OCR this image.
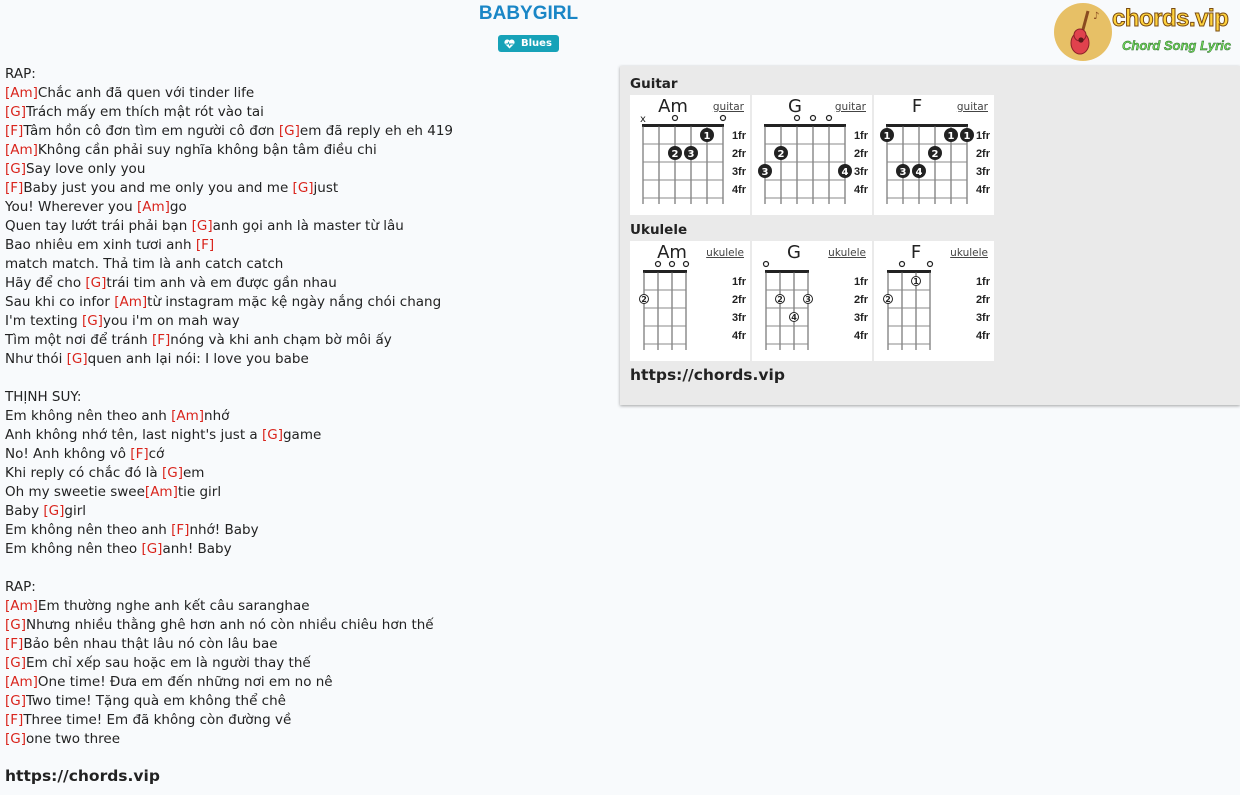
BABYGIRL
Blues
♪ chords.vip
Chord Song Lyric
RAP:
[Am]Chắc anh đã quen với tinder life
[G]Trách mấy em thích mật rót vào tai
[F]Tâm hồn cô đơn tìm em người cô đơn [G]em đã reply eh eh 419
[Am]Không cần phải suy nghĩa không bận tâm điều chi
[G]Say love only you
[F]Baby just you and me only you and me [G]just
You! Wherever you [Am]go
Quen tay lướt trái phải bạn [G]anh gọi anh là master từ lâu
Bao nhiêu em xinh tươi anh [F]
match match. Thả tim là anh catch catch
Hãy để cho [G]trái tim anh và em được gần nhau
Sau khi co infor [Am]từ instagram mặc kệ ngày nắng chói chang
I'm texting [G]you i'm on mah way
Tìm một nơi để tránh [F]nóng và khi anh chạm bờ môi ấy
Như thói [G]quen anh lại nói: I love you babe
THỊNH SUY:
Em không nên theo anh [Am]nhớ
Anh không nhớ tên, last night's just a [G]game
No! Anh không vô [F]cớ
Khi reply có chắc đó là [G]em
Oh my sweetie swee[Am]tie girl
Baby [G]girl
Em không nên theo anh [F]nhớ! Baby
Em không nên theo [G]anh! Baby
RAP:
[Am]Em thường nghe anh kết câu saranghae
[G]Nhưng nhiều thằng ghê hơn anh nó còn nhiều chiêu hơn thế
[F]Bảo bên nhau thật lâu nó còn lâu bae
[G]Em chỉ xếp sau hoặc em là người thay thế
[Am]One time! Đưa em đến những nơi em no nê
[G]Two time! Tặng quà em không thể chê
[F]Three time! Em đã không còn đường về
[G]one two three
https://chords.vip
Guitar
x
1fr
2fr
3fr
4fr
1
2 3
Am	guitar
1fr
2fr
3fr
4fr
2
3	4
G	guitar
1fr
2fr
3fr
4fr
1	1 1
2
3 4
F	guitar
Ukulele
1fr
2fr
3fr
4fr
2
Am	ukulele
1fr
2fr
3fr
4fr
2	3
4
G	ukulele
1fr
2fr
3fr
4fr
2
1
F	ukulele
https://chords.vip
